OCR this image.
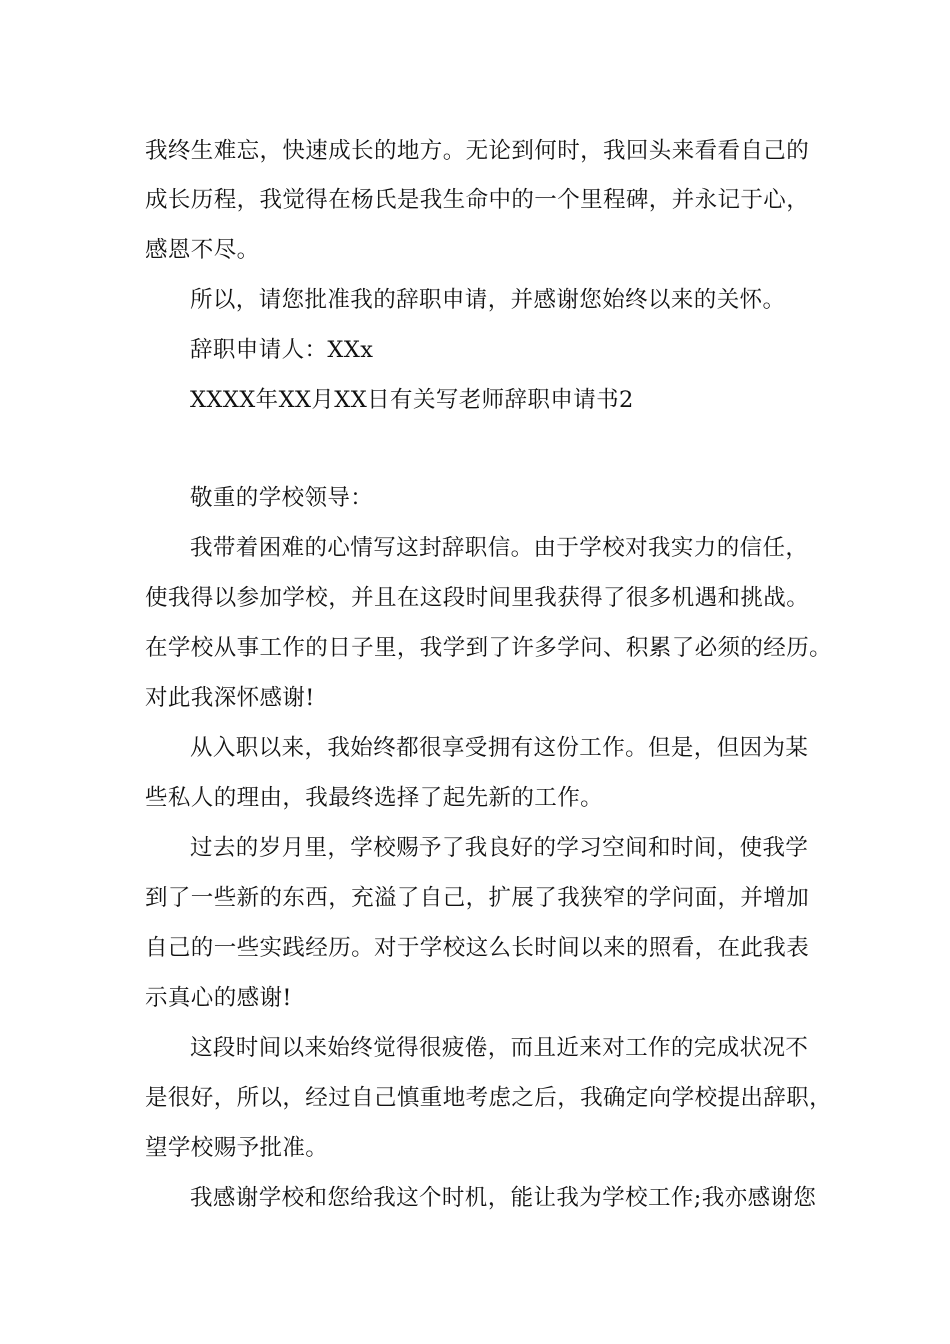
我终生难忘，快速成长的地方。无论到何时，我回头来看看自己的
成长历程，我觉得在杨氏是我生命中的一个里程碑，并永记于心，
感恩不尽。
所以，请您批准我的辞职申请，并感谢您始终以来的关怀。
辞职申请人：XXx
XXXX年XX月XX日有关写老师辞职申请书2
敬重的学校领导：
我带着困难的心情写这封辞职信。由于学校对我实力的信任，
使我得以参加学校，并且在这段时间里我获得了很多机遇和挑战。
在学校从事工作的日子里，我学到了许多学问、积累了必须的经历。
对此我深怀感谢!
从入职以来，我始终都很享受拥有这份工作。但是，但因为某
些私人的理由，我最终选择了起先新的工作。
过去的岁月里，学校赐予了我良好的学习空间和时间，使我学
到了一些新的东西，充溢了自己，扩展了我狭窄的学问面，并增加
自己的一些实践经历。对于学校这么长时间以来的照看，在此我表
示真心的感谢!
这段时间以来始终觉得很疲倦，而且近来对工作的完成状况不
是很好，所以，经过自己慎重地考虑之后，我确定向学校提出辞职，
望学校赐予批准。
我感谢学校和您给我这个时机，能让我为学校工作;我亦感谢您
